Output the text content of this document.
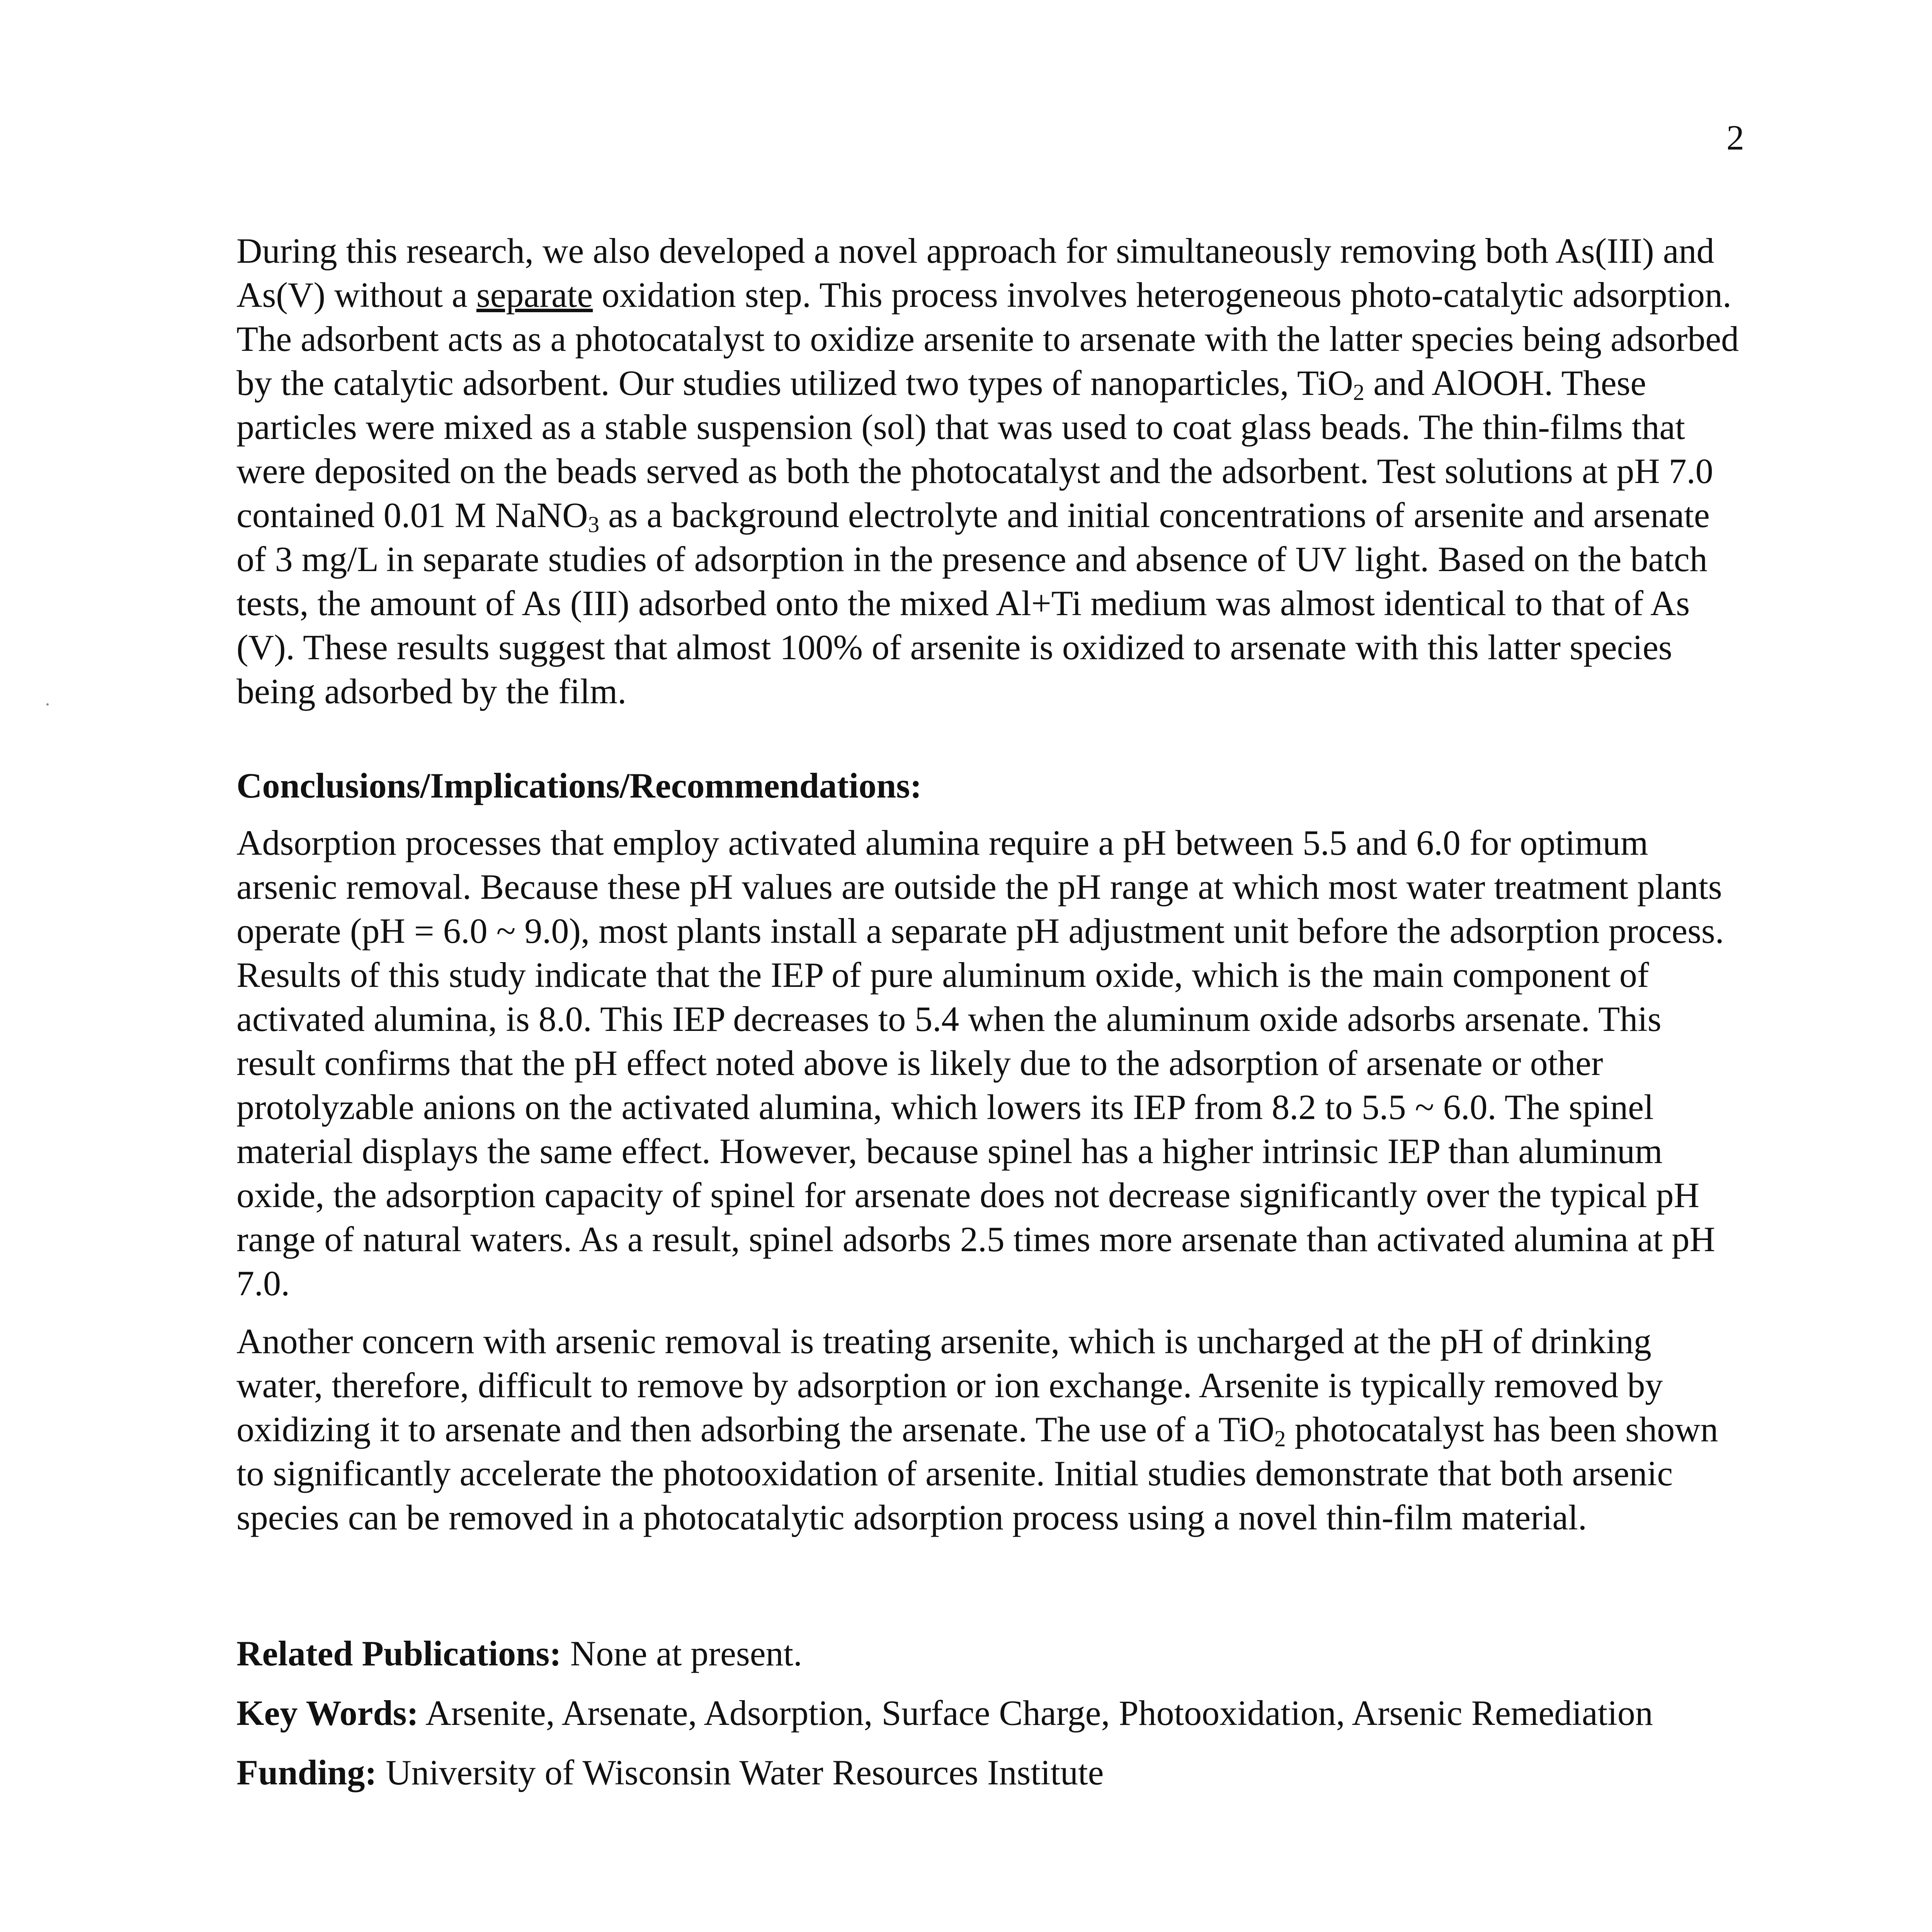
2

During this research, we also developed a novel approach for simultaneously removing both As(III) and As(V) without a separate oxidation step. This process involves heterogeneous photo-catalytic adsorption. The adsorbent acts as a photocatalyst to oxidize arsenite to arsenate with the latter species being adsorbed by the catalytic adsorbent. Our studies utilized two types of nanoparticles, TiO$_2$ and AlOOH. These particles were mixed as a stable suspension (sol) that was used to coat glass beads. The thin-films that were deposited on the beads served as both the photocatalyst and the adsorbent. Test solutions at pH 7.0 contained 0.01 M NaNO$_3$ as a background electrolyte and initial concentrations of arsenite and arsenate of 3 mg/L in separate studies of adsorption in the presence and absence of UV light. Based on the batch tests, the amount of As (III) adsorbed onto the mixed Al+Ti medium was almost identical to that of As (V). These results suggest that almost 100% of arsenite is oxidized to arsenate with this latter species being adsorbed by the film.

Conclusions/Implications/Recommendations:

Adsorption processes that employ activated alumina require a pH between 5.5 and 6.0 for optimum arsenic removal. Because these pH values are outside the pH range at which most water treatment plants operate (pH = 6.0 ~ 9.0), most plants install a separate pH adjustment unit before the adsorption process. Results of this study indicate that the IEP of pure aluminum oxide, which is the main component of activated alumina, is 8.0. This IEP decreases to 5.4 when the aluminum oxide adsorbs arsenate. This result confirms that the pH effect noted above is likely due to the adsorption of arsenate or other protolyzable anions on the activated alumina, which lowers its IEP from 8.2 to 5.5 ~ 6.0. The spinel material displays the same effect. However, because spinel has a higher intrinsic IEP than aluminum oxide, the adsorption capacity of spinel for arsenate does not decrease significantly over the typical pH range of natural waters. As a result, spinel adsorbs 2.5 times more arsenate than activated alumina at pH 7.0.

Another concern with arsenic removal is treating arsenite, which is uncharged at the pH of drinking water, therefore, difficult to remove by adsorption or ion exchange. Arsenite is typically removed by oxidizing it to arsenate and then adsorbing the arsenate. The use of a TiO$_2$ photocatalyst has been shown to significantly accelerate the photooxidation of arsenite. Initial studies demonstrate that both arsenic species can be removed in a photocatalytic adsorption process using a novel thin-film material.

Related Publications: None at present.

Key Words: Arsenite, Arsenate, Adsorption, Surface Charge, Photooxidation, Arsenic Remediation

Funding: University of Wisconsin Water Resources Institute
